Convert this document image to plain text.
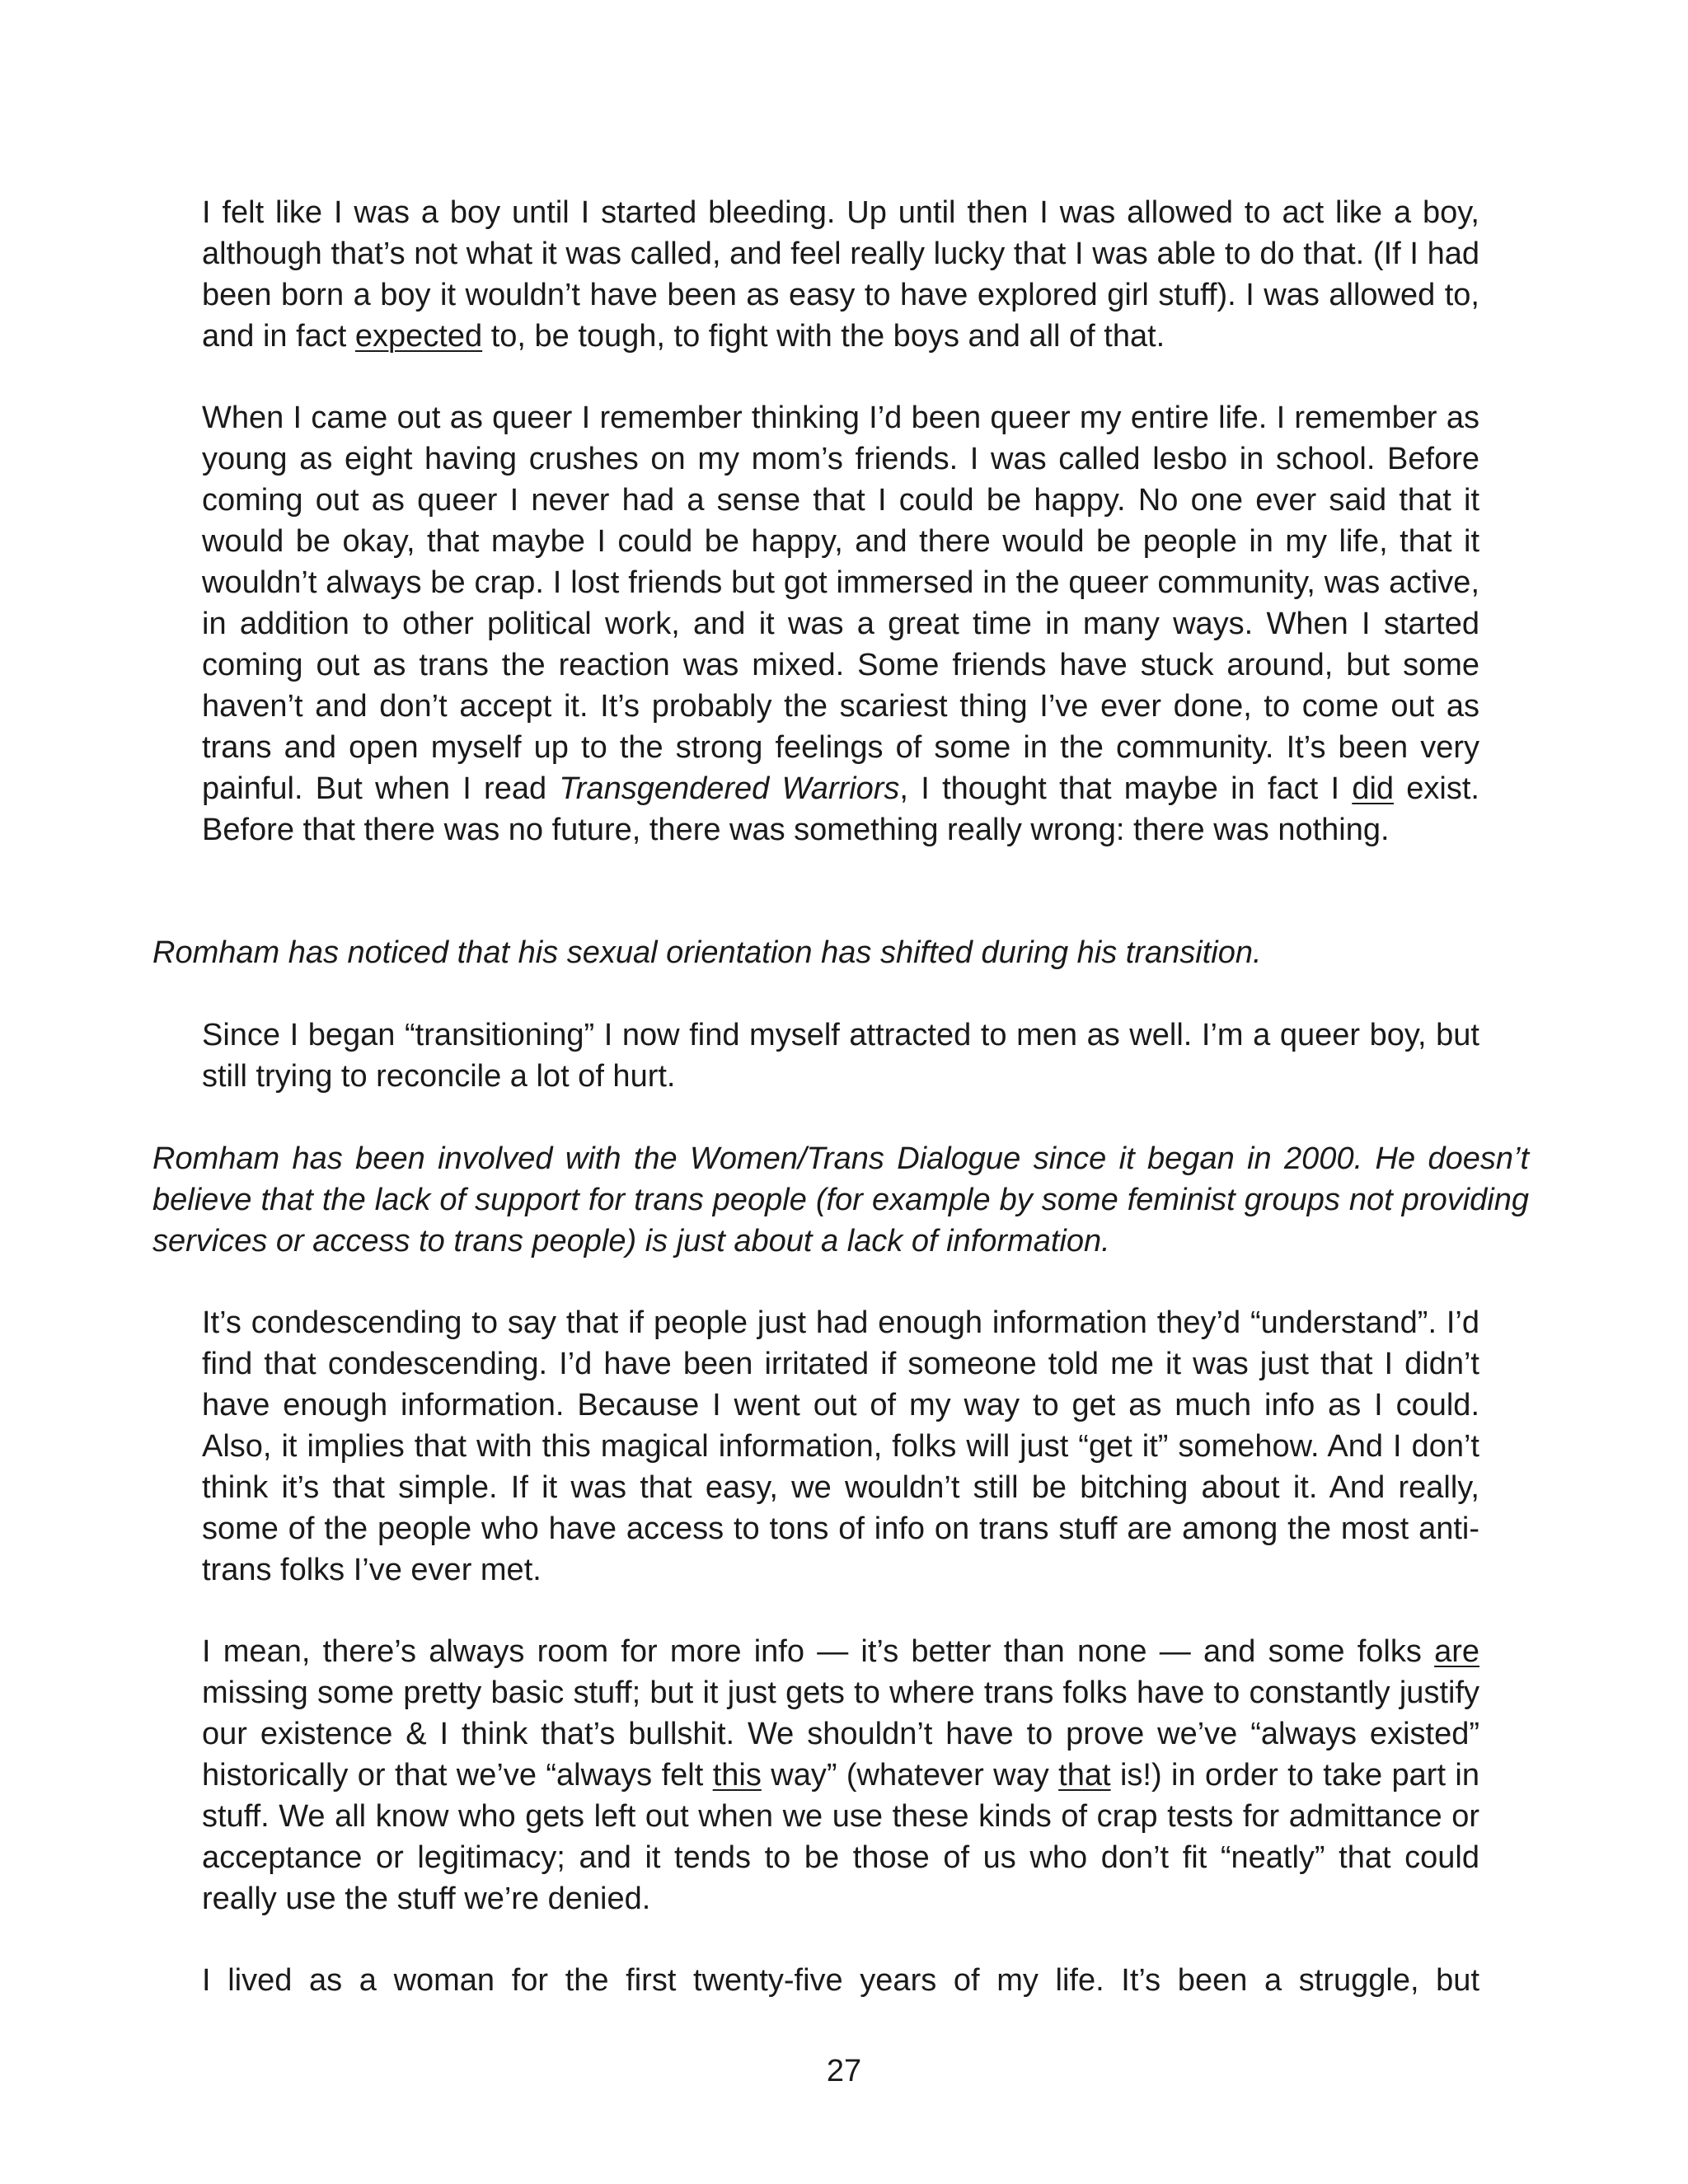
I felt like I was a boy until I started bleeding. Up until then I was allowed to act like a boy, although that’s not what it was called, and feel really lucky that I was able to do that. (If I had been born a boy it wouldn’t have been as easy to have explored girl stuff). I was allowed to, and in fact expected to, be tough, to fight with the boys and all of that.

When I came out as queer I remember thinking I’d been queer my entire life. I remember as young as eight having crushes on my mom’s friends. I was called lesbo in school. Before coming out as queer I never had a sense that I could be happy. No one ever said that it would be okay, that maybe I could be happy, and there would be people in my life, that it wouldn’t always be crap. I lost friends but got immersed in the queer community, was active, in addition to other political work, and it was a great time in many ways. When I started coming out as trans the reaction was mixed. Some friends have stuck around, but some haven’t and don’t accept it. It’s probably the scariest thing I’ve ever done, to come out as trans and open myself up to the strong feelings of some in the community. It’s been very painful. But when I read Transgendered Warriors, I thought that maybe in fact I did exist. Before that there was no future, there was something really wrong: there was nothing.

Romham has noticed that his sexual orientation has shifted during his transition.

Since I began “transitioning” I now find myself attracted to men as well. I’m a queer boy, but still trying to reconcile a lot of hurt.

Romham has been involved with the Women/Trans Dialogue since it began in 2000. He doesn’t believe that the lack of support for trans people (for example by some feminist groups not providing services or access to trans people) is just about a lack of information.

It’s condescending to say that if people just had enough information they’d “understand”. I’d find that condescending. I’d have been irritated if someone told me it was just that I didn’t have enough information. Because I went out of my way to get as much info as I could. Also, it implies that with this magical information, folks will just “get it” somehow. And I don’t think it’s that simple. If it was that easy, we wouldn’t still be bitching about it. And really, some of the people who have access to tons of info on trans stuff are among the most anti-trans folks I’ve ever met.

I mean, there’s always room for more info — it’s better than none — and some folks are missing some pretty basic stuff; but it just gets to where trans folks have to constantly justify our existence & I think that’s bullshit. We shouldn’t have to prove we’ve “always existed” historically or that we’ve “always felt this way” (whatever way that is!) in order to take part in stuff. We all know who gets left out when we use these kinds of crap tests for admittance or acceptance or legitimacy; and it tends to be those of us who don’t fit “neatly” that could really use the stuff we’re denied.

I lived as a woman for the first twenty-five years of my life. It’s been a struggle, but

27
